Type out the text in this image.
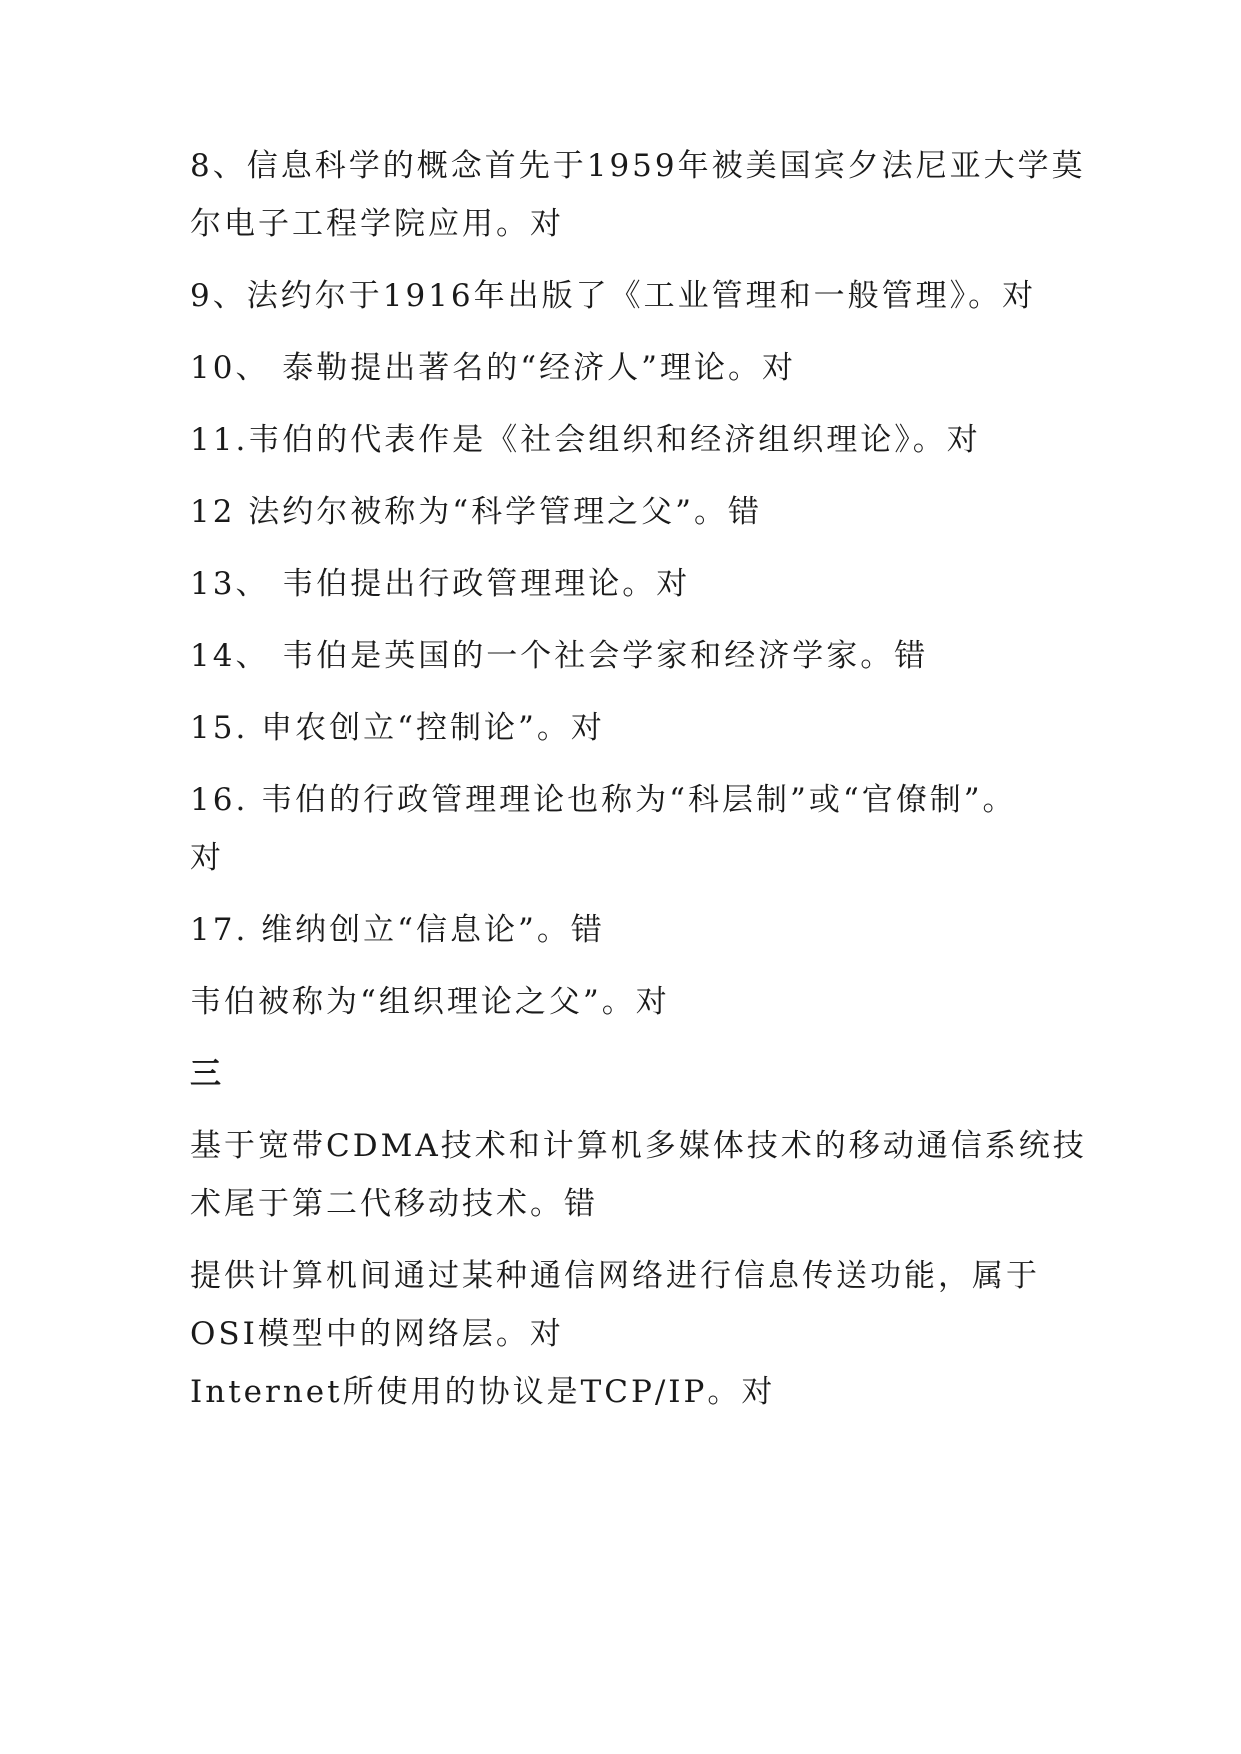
8、信息科学的概念首先于1959年被美国宾夕法尼亚大学莫
尔电子工程学院应用。对
9、法约尔于1916年出版了《工业管理和一般管理》。对
10、 泰勒提出著名的“经济人”理论。对
11.韦伯的代表作是《社会组织和经济组织理论》。对
12 法约尔被称为“科学管理之父”。错
13、 韦伯提出行政管理理论。对
14、 韦伯是英国的一个社会学家和经济学家。错
15. 申农创立“控制论”。对
16. 韦伯的行政管理理论也称为“科层制”或“官僚制”。
对
17. 维纳创立“信息论”。错
韦伯被称为“组织理论之父”。对
三
基于宽带CDMA技术和计算机多媒体技术的移动通信系统技
术尾于第二代移动技术。错
提供计算机间通过某种通信网络进行信息传送功能，属于
OSI模型中的网络层。对
Internet所使用的协议是TCP/IP。对
